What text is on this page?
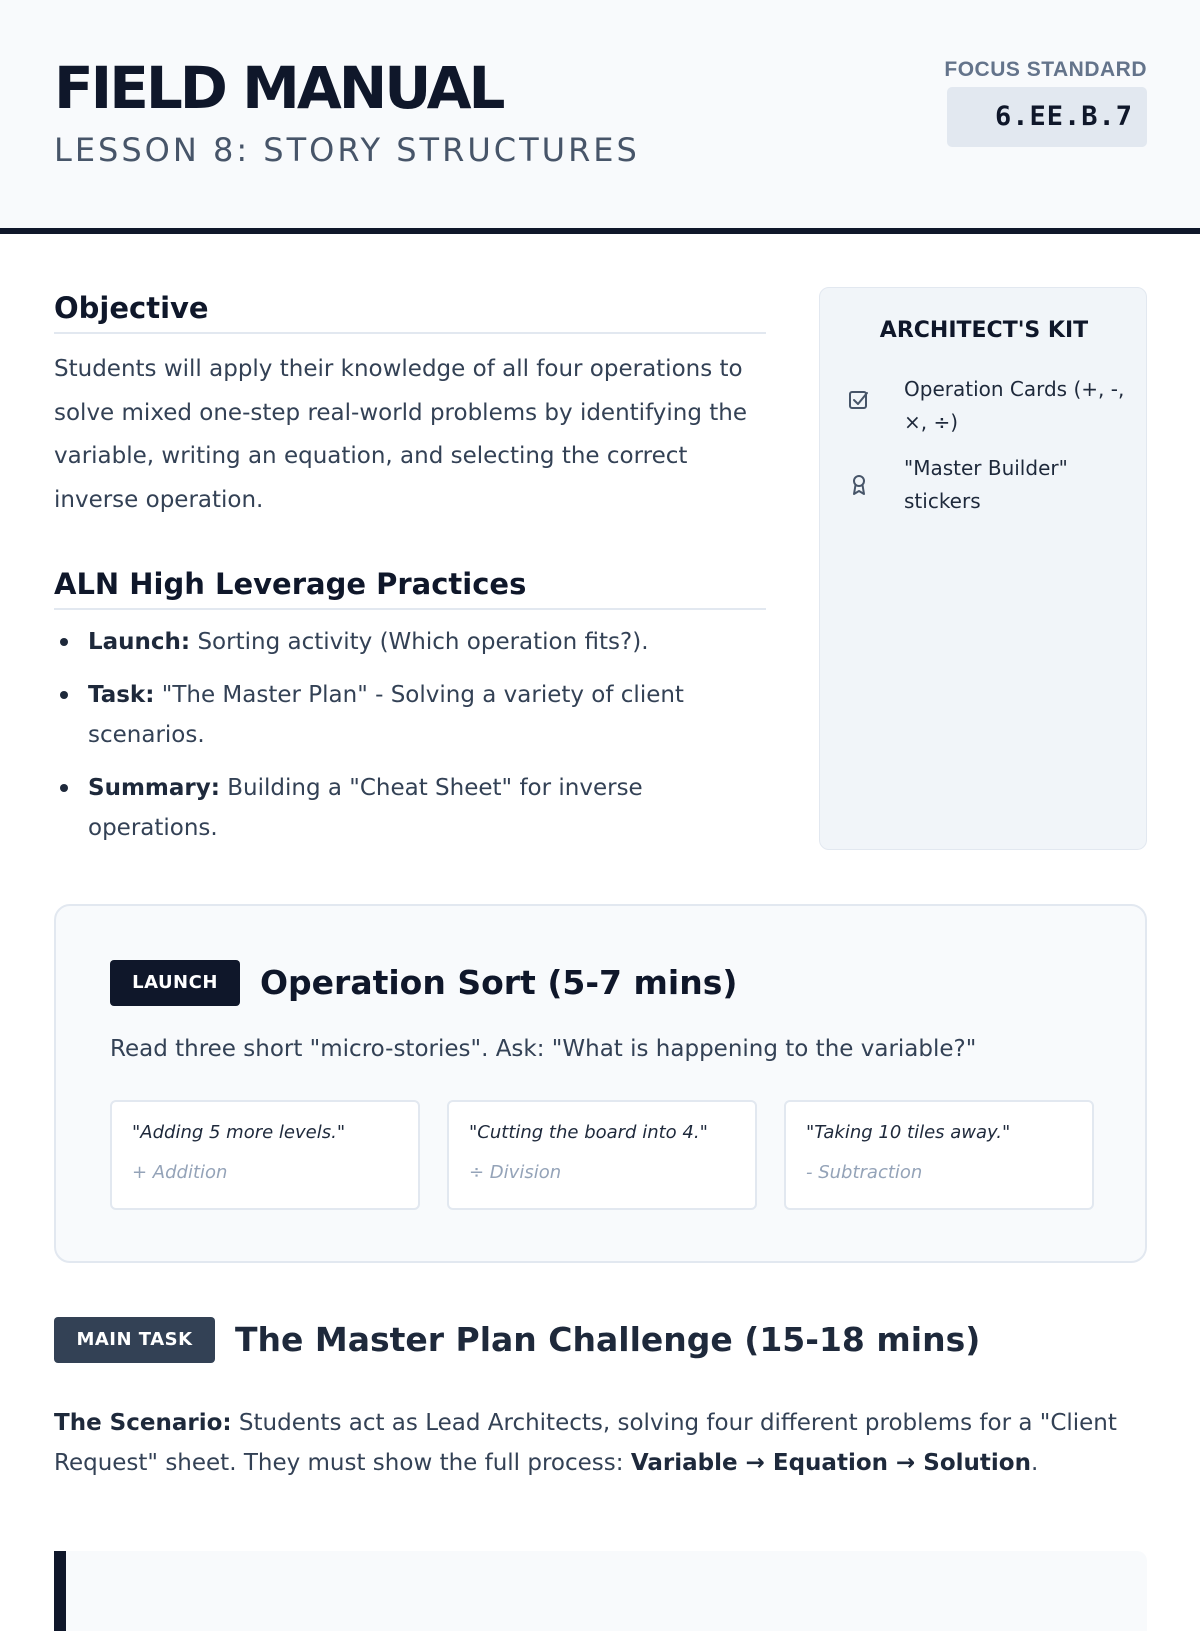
FIELD MANUAL
LESSON 8: STORY STRUCTURES
FOCUS STANDARD
6.EE.B.7
Objective
Students will apply their knowledge of all four operations to solve mixed one-step real-world problems by identifying the variable, writing an equation, and selecting the correct inverse operation.
ALN High Leverage Practices
Launch: Sorting activity (Which operation fits?).
Task: "The Master Plan" - Solving a variety of client scenarios.
Summary: Building a "Cheat Sheet" for inverse operations.
ARCHITECT'S KIT
Operation Cards (+, -, ×, ÷)
"Master Builder" stickers
LAUNCH	Operation Sort (5-7 mins)
Read three short "micro-stories". Ask: "What is happening to the variable?"
"Adding 5 more levels."
+ Addition
"Cutting the board into 4."
÷ Division
"Taking 10 tiles away."
- Subtraction
MAIN TASK	The Master Plan Challenge (15-18 mins)
The Scenario: Students act as Lead Architects, solving four different problems for a "Client Request" sheet. They must show the full process: Variable → Equation → Solution.
